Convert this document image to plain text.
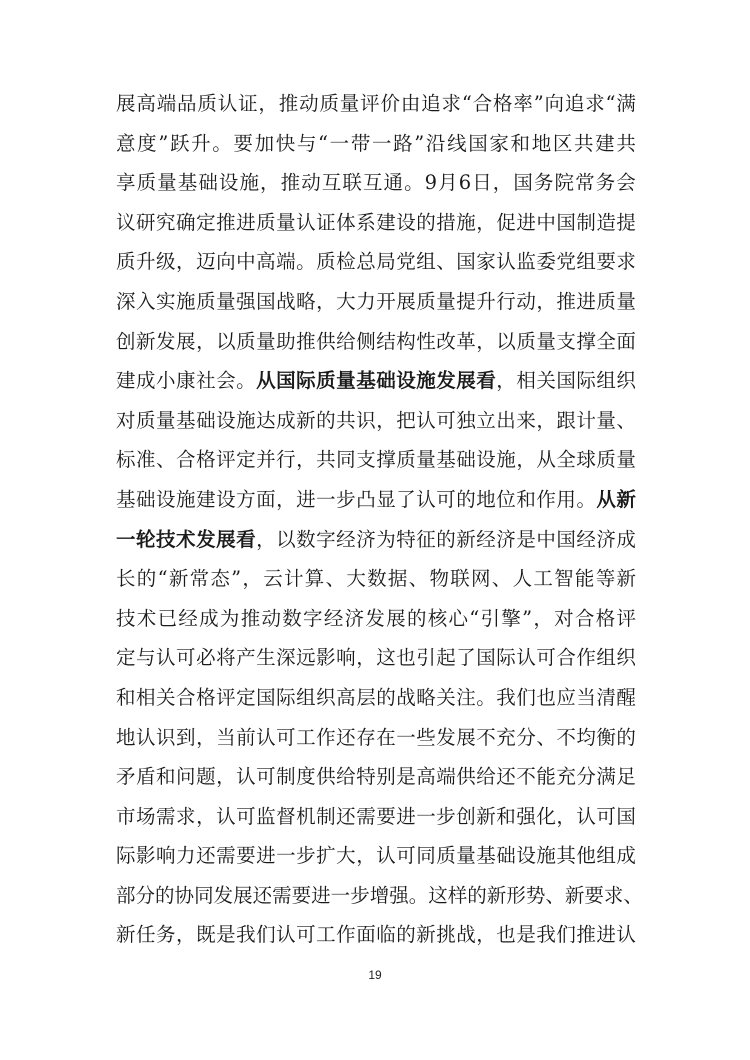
展 高 端 品 质 认 证 ， 推 动 质 量 评 价 由 追 求 “ 合 格 率 ” 向 追 求 “ 满
意 度 ” 跃 升 。 要 加 快 与 “ 一 带 一 路 ” 沿 线 国 家 和 地 区 共 建 共
享 质 量 基 础 设 施 ， 推 动 互 联 互 通 。 9 月 6 日 ， 国 务 院 常 务 会
议 研 究 确 定 推 进 质 量 认 证 体 系 建 设 的 措 施 ， 促 进 中 国 制 造 提
质 升 级 ， 迈 向 中 高 端 。 质 检 总 局 党 组 、 国 家 认 监 委 党 组 要 求
深 入 实 施 质 量 强 国 战 略 ， 大 力 开 展 质 量 提 升 行 动 ， 推 进 质 量
创 新 发 展 ， 以 质 量 助 推 供 给 侧 结 构 性 改 革 ， 以 质 量 支 撑 全 面
建 成 小 康 社 会 。 从 国 际 质 量 基 础 设 施 发 展 看 ， 相 关 国 际 组 织
对 质 量 基 础 设 施 达 成 新 的 共 识 ， 把 认 可 独 立 出 来 ， 跟 计 量 、
标 准 、 合 格 评 定 并 行 ， 共 同 支 撑 质 量 基 础 设 施 ， 从 全 球 质 量
基 础 设 施 建 设 方 面 ， 进 一 步 凸 显 了 认 可 的 地 位 和 作 用 。 从 新
一 轮 技 术 发 展 看 ， 以 数 字 经 济 为 特 征 的 新 经 济 是 中 国 经 济 成
长 的 “ 新 常 态 ” ， 云 计 算 、 大 数 据 、 物 联 网 、 人 工 智 能 等 新
技 术 已 经 成 为 推 动 数 字 经 济 发 展 的 核 心 “ 引 擎 ” ， 对 合 格 评
定 与 认 可 必 将 产 生 深 远 影 响 ， 这 也 引 起 了 国 际 认 可 合 作 组 织
和 相 关 合 格 评 定 国 际 组 织 高 层 的 战 略 关 注 。 我 们 也 应 当 清 醒
地 认 识 到 ， 当 前 认 可 工 作 还 存 在 一 些 发 展 不 充 分 、 不 均 衡 的
矛 盾 和 问 题 ， 认 可 制 度 供 给 特 别 是 高 端 供 给 还 不 能 充 分 满 足
市 场 需 求 ， 认 可 监 督 机 制 还 需 要 进 一 步 创 新 和 强 化 ， 认 可 国
际 影 响 力 还 需 要 进 一 步 扩 大 ， 认 可 同 质 量 基 础 设 施 其 他 组 成
部 分 的 协 同 发 展 还 需 要 进 一 步 增 强 。 这 样 的 新 形 势 、 新 要 求 、
新 任 务 ， 既 是 我 们 认 可 工 作 面 临 的 新 挑 战 ， 也 是 我 们 推 进 认
19
